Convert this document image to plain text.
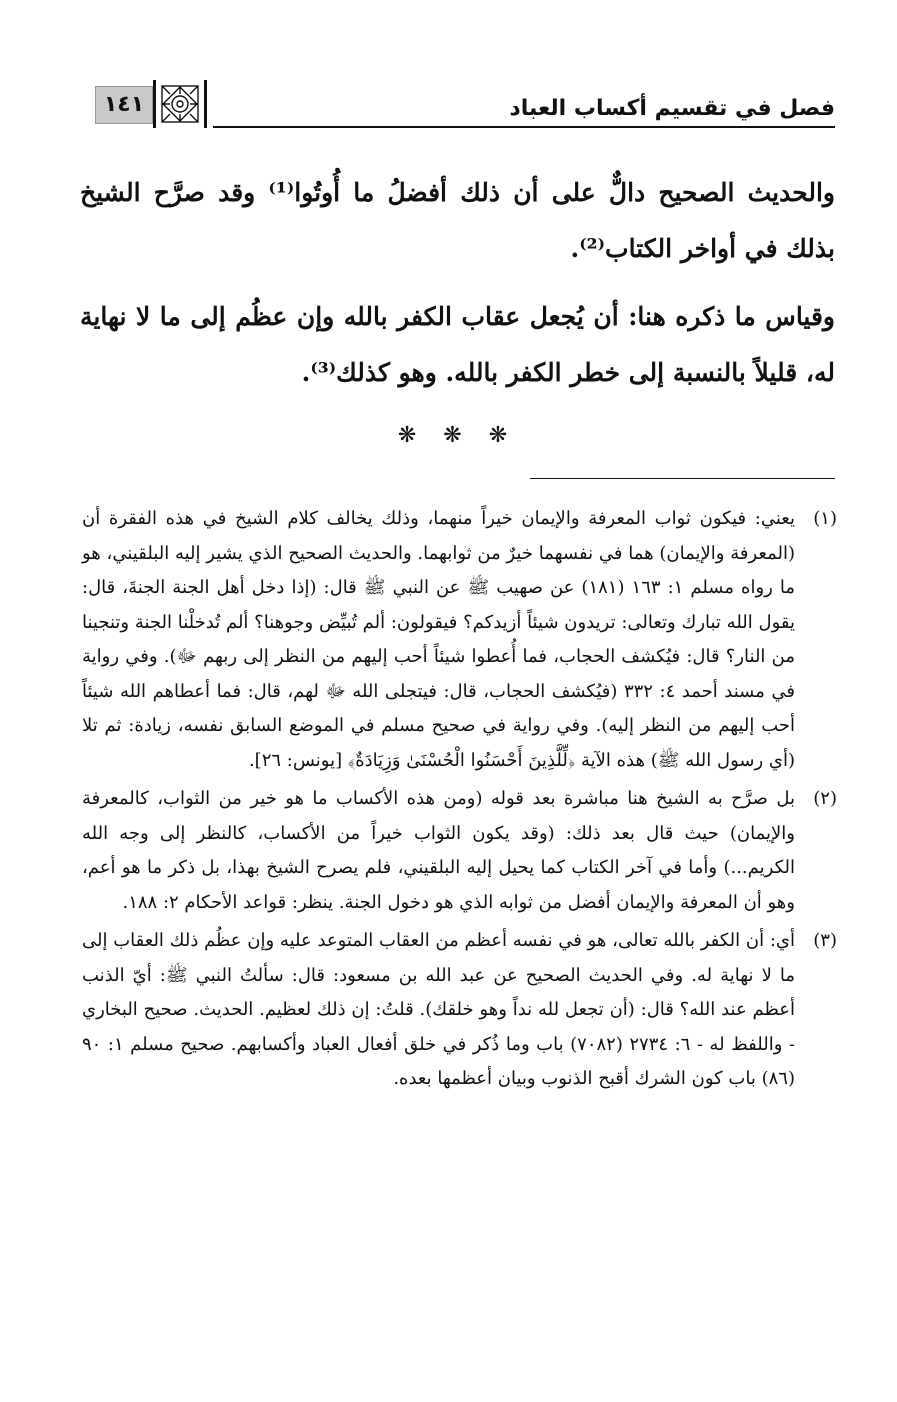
فصل في تقسيم أكساب العباد
١٤١

والحديث الصحيح دالٌّ على أن ذلك أفضلُ ما أُوتُوا⁽¹⁾ وقد صرَّح الشيخ بذلك في أواخر الكتاب⁽²⁾.

وقياس ما ذكره هنا: أن يُجعل عقاب الكفر بالله وإن عظُم إلى ما لا نهاية له، قليلاً بالنسبة إلى خطر الكفر بالله. وهو كذلك⁽³⁾.

❋ ❋ ❋
(١)
يعني: فيكون ثواب المعرفة والإيمان خيراً منهما، وذلك يخالف كلام الشيخ في هذه الفقرة أن (المعرفة والإيمان) هما في نفسهما خيرٌ من ثوابهما. والحديث الصحيح الذي يشير إليه البلقيني، هو ما رواه مسلم ١: ١٦٣ (١٨١) عن صهيب ﷺ عن النبي ﷺ قال: (إذا دخل أهل الجنة الجنةَ، قال: يقول الله تبارك وتعالى: تريدون شيئاً أزيدكم؟ فيقولون: ألم تُبيِّض وجوهنا؟ ألم تُدخلْنا الجنة وتنجينا من النار؟ قال: فيُكشف الحجاب، فما أُعطوا شيئاً أحب إليهم من النظر إلى ربهم ﷻ). وفي رواية في مسند أحمد ٤: ٣٣٢ (فيُكشف الحجاب، قال: فيتجلى الله ﷻ لهم، قال: فما أعطاهم الله شيئاً أحب إليهم من النظر إليه). وفي رواية في صحيح مسلم في الموضع السابق نفسه، زيادة: ثم تلا (أي رسول الله ﷺ) هذه الآية ﴿لِّلَّذِينَ أَحْسَنُوا الْحُسْنَىٰ وَزِيَادَةٌ﴾ [يونس: ٢٦].
(٢)
بل صرَّح به الشيخ هنا مباشرة بعد قوله (ومن هذه الأكساب ما هو خير من الثواب، كالمعرفة والإيمان) حيث قال بعد ذلك: (وقد يكون الثواب خيراً من الأكساب، كالنظر إلى وجه الله الكريم...) وأما في آخر الكتاب كما يحيل إليه البلقيني، فلم يصرح الشيخ بهذا، بل ذكر ما هو أعم، وهو أن المعرفة والإيمان أفضل من ثوابه الذي هو دخول الجنة. ينظر: قواعد الأحكام ٢: ١٨٨.
(٣)
أي: أن الكفر بالله تعالى، هو في نفسه أعظم من العقاب المتوعد عليه وإن عظُم ذلك العقاب إلى ما لا نهاية له. وفي الحديث الصحيح عن عبد الله بن مسعود: قال: سألتُ النبي ﷺ: أيّ الذنب أعظم عند الله؟ قال: (أن تجعل لله نداً وهو خلقك). قلتُ: إن ذلك لعظيم. الحديث. صحيح البخاري - واللفظ له - ٦: ٢٧٣٤ (٧٠٨٢) باب وما ذُكر في خلق أفعال العباد وأكسابهم. صحيح مسلم ١: ٩٠ (٨٦) باب كون الشرك أقبح الذنوب وبيان أعظمها بعده.
